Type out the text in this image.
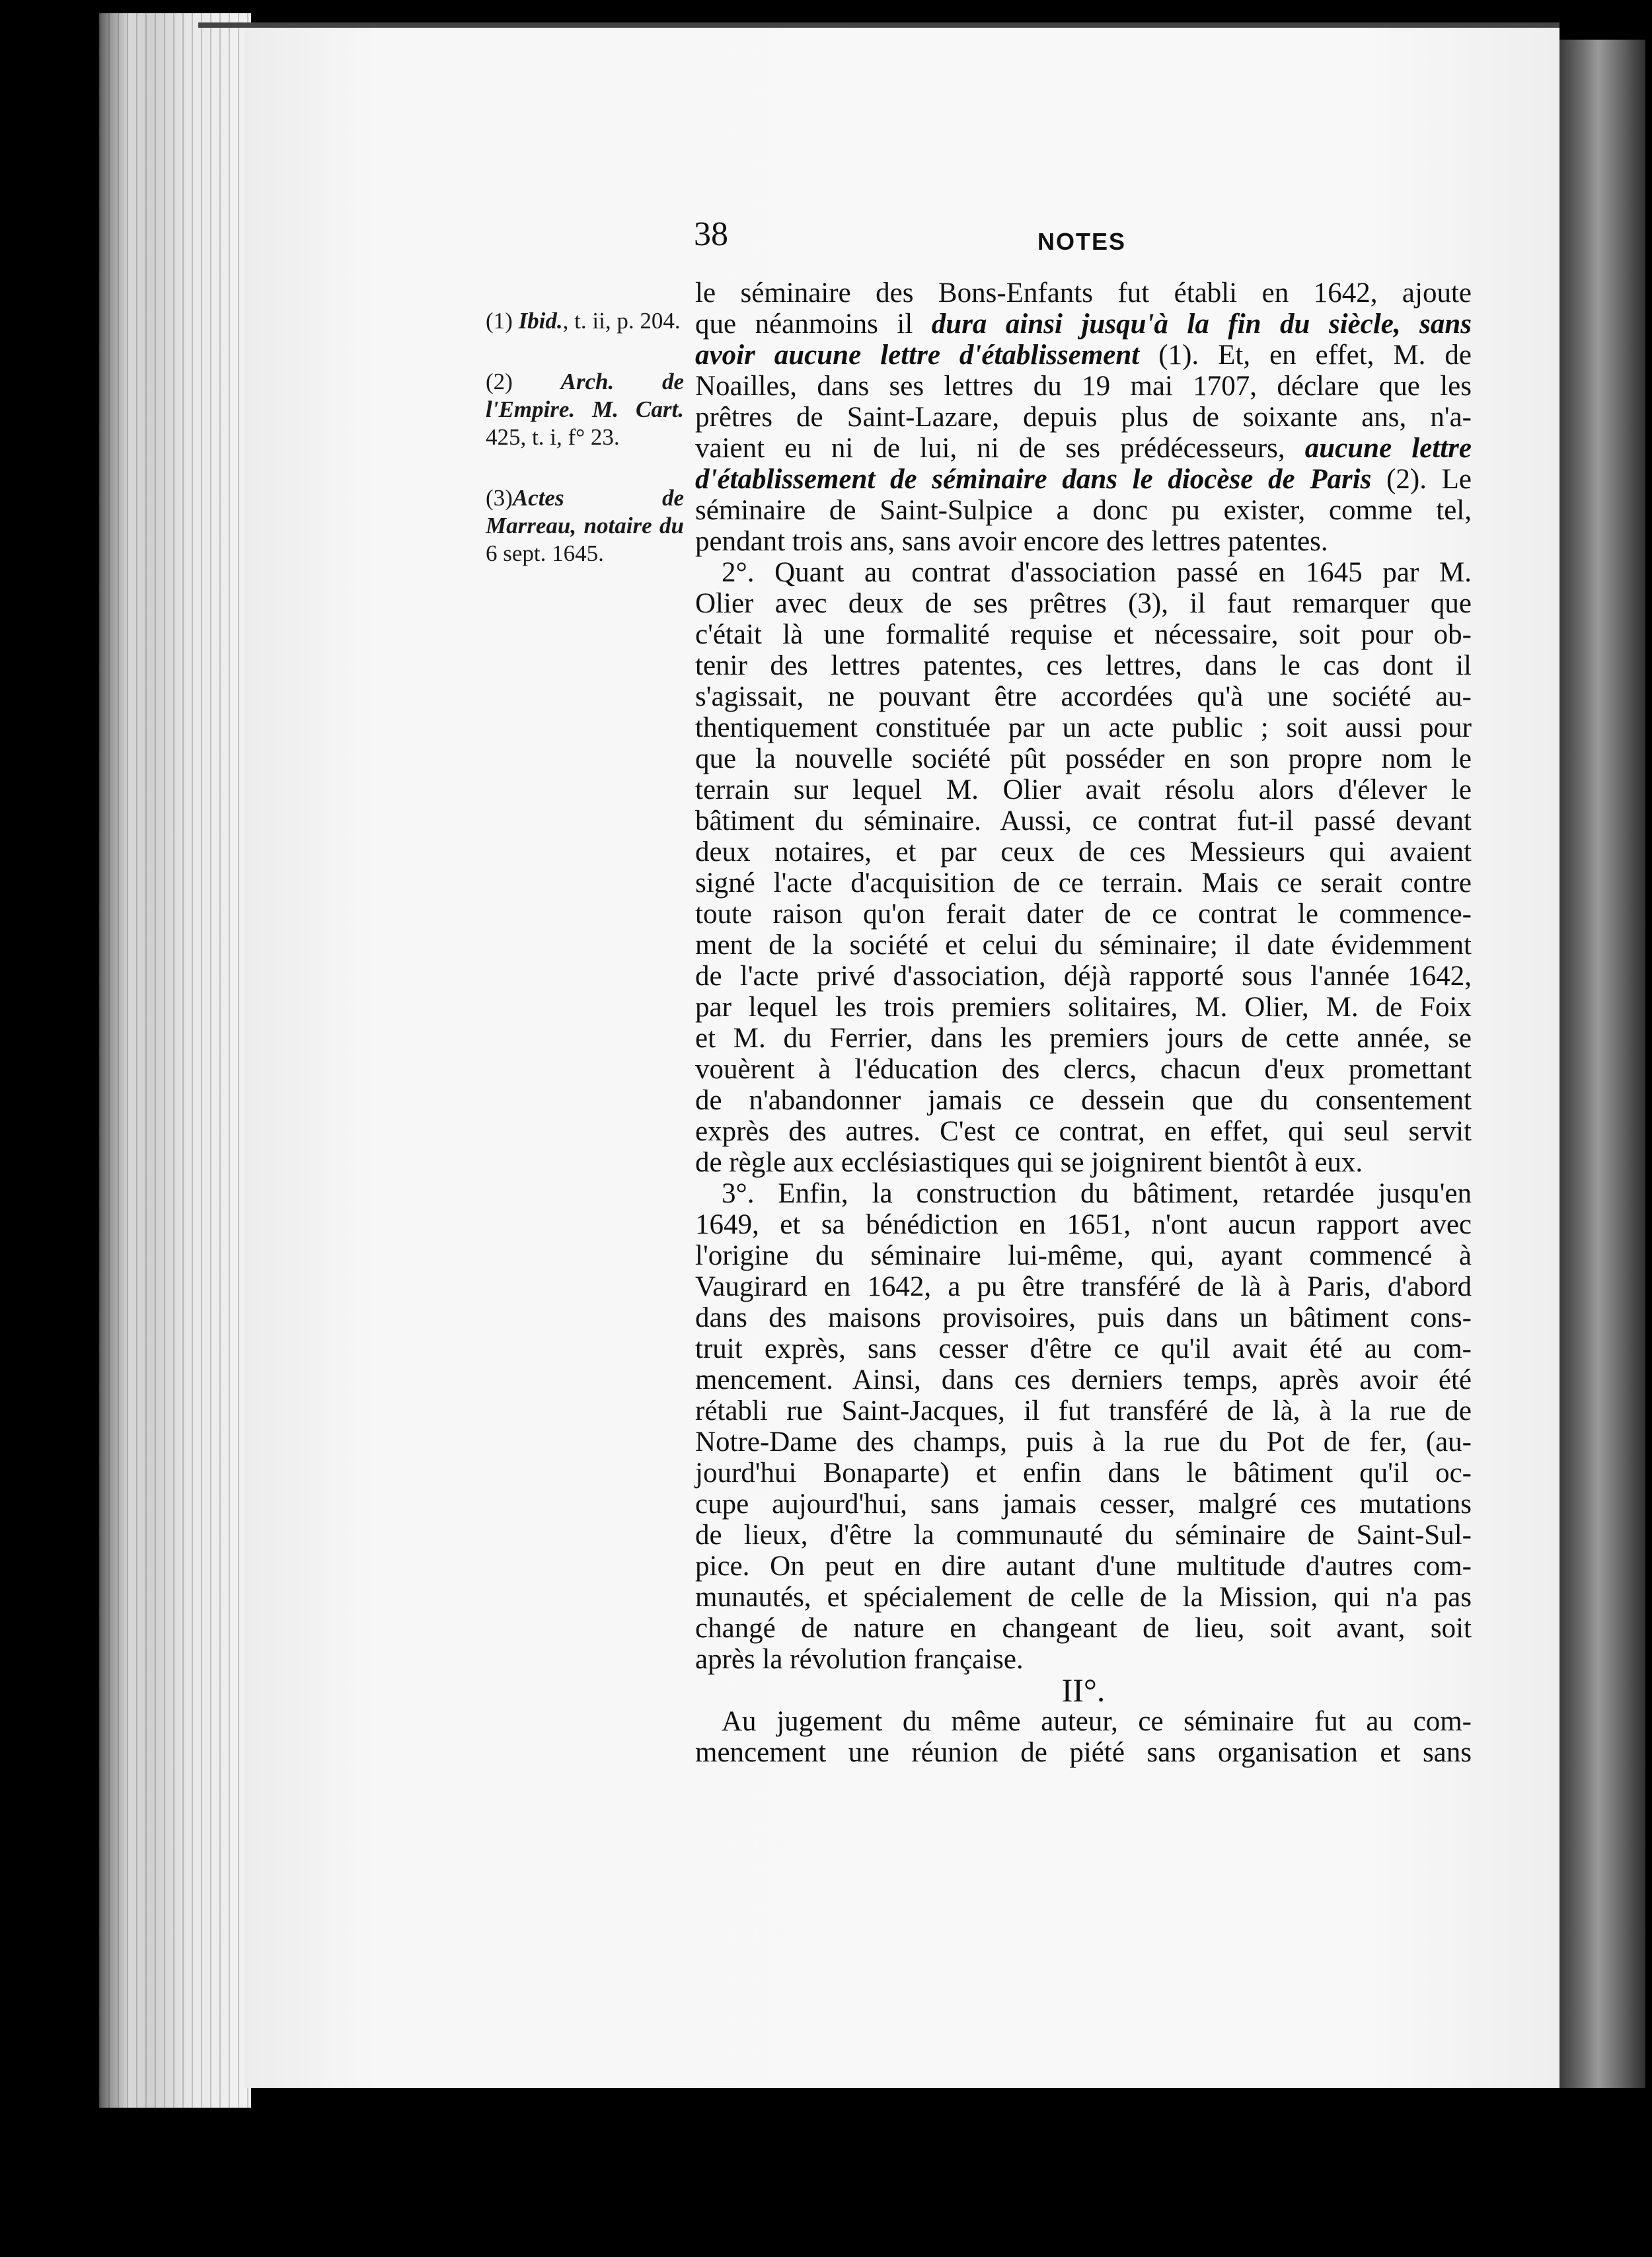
38	NOTES
(1) Ibid., t. ii, p. 204.
(2) Arch. de l'Empire. M. Cart. 425, t. i, f° 23.
(3)Actes de Marreau, notaire du 6 sept. 1645.
le séminaire des Bons-Enfants fut établi en 1642, ajoute
que néanmoins il dura ainsi jusqu'à la fin du siècle, sans
avoir aucune lettre d'établissement (1). Et, en effet, M. de
Noailles, dans ses lettres du 19 mai 1707, déclare que les
prêtres de Saint-Lazare, depuis plus de soixante ans, n'a-
vaient eu ni de lui, ni de ses prédécesseurs, aucune lettre
d'établissement de séminaire dans le diocèse de Paris (2). Le
séminaire de Saint-Sulpice a donc pu exister, comme tel,
pendant trois ans, sans avoir encore des lettres patentes.
2°. Quant au contrat d'association passé en 1645 par M.
Olier avec deux de ses prêtres (3), il faut remarquer que
c'était là une formalité requise et nécessaire, soit pour ob-
tenir des lettres patentes, ces lettres, dans le cas dont il
s'agissait, ne pouvant être accordées qu'à une société au-
thentiquement constituée par un acte public ; soit aussi pour
que la nouvelle société pût posséder en son propre nom le
terrain sur lequel M. Olier avait résolu alors d'élever le
bâtiment du séminaire. Aussi, ce contrat fut-il passé devant
deux notaires, et par ceux de ces Messieurs qui avaient
signé l'acte d'acquisition de ce terrain. Mais ce serait contre
toute raison qu'on ferait dater de ce contrat le commence-
ment de la société et celui du séminaire; il date évidemment
de l'acte privé d'association, déjà rapporté sous l'année 1642,
par lequel les trois premiers solitaires, M. Olier, M. de Foix
et M. du Ferrier, dans les premiers jours de cette année, se
vouèrent à l'éducation des clercs, chacun d'eux promettant
de n'abandonner jamais ce dessein que du consentement
exprès des autres. C'est ce contrat, en effet, qui seul servit
de règle aux ecclésiastiques qui se joignirent bientôt à eux.
3°. Enfin, la construction du bâtiment, retardée jusqu'en
1649, et sa bénédiction en 1651, n'ont aucun rapport avec
l'origine du séminaire lui-même, qui, ayant commencé à
Vaugirard en 1642, a pu être transféré de là à Paris, d'abord
dans des maisons provisoires, puis dans un bâtiment cons-
truit exprès, sans cesser d'être ce qu'il avait été au com-
mencement. Ainsi, dans ces derniers temps, après avoir été
rétabli rue Saint-Jacques, il fut transféré de là, à la rue de
Notre-Dame des champs, puis à la rue du Pot de fer, (au-
jourd'hui Bonaparte) et enfin dans le bâtiment qu'il oc-
cupe aujourd'hui, sans jamais cesser, malgré ces mutations
de lieux, d'être la communauté du séminaire de Saint-Sul-
pice. On peut en dire autant d'une multitude d'autres com-
munautés, et spécialement de celle de la Mission, qui n'a pas
changé de nature en changeant de lieu, soit avant, soit
après la révolution française.
II°.
Au jugement du même auteur, ce séminaire fut au com-
mencement une réunion de piété sans organisation et sans
